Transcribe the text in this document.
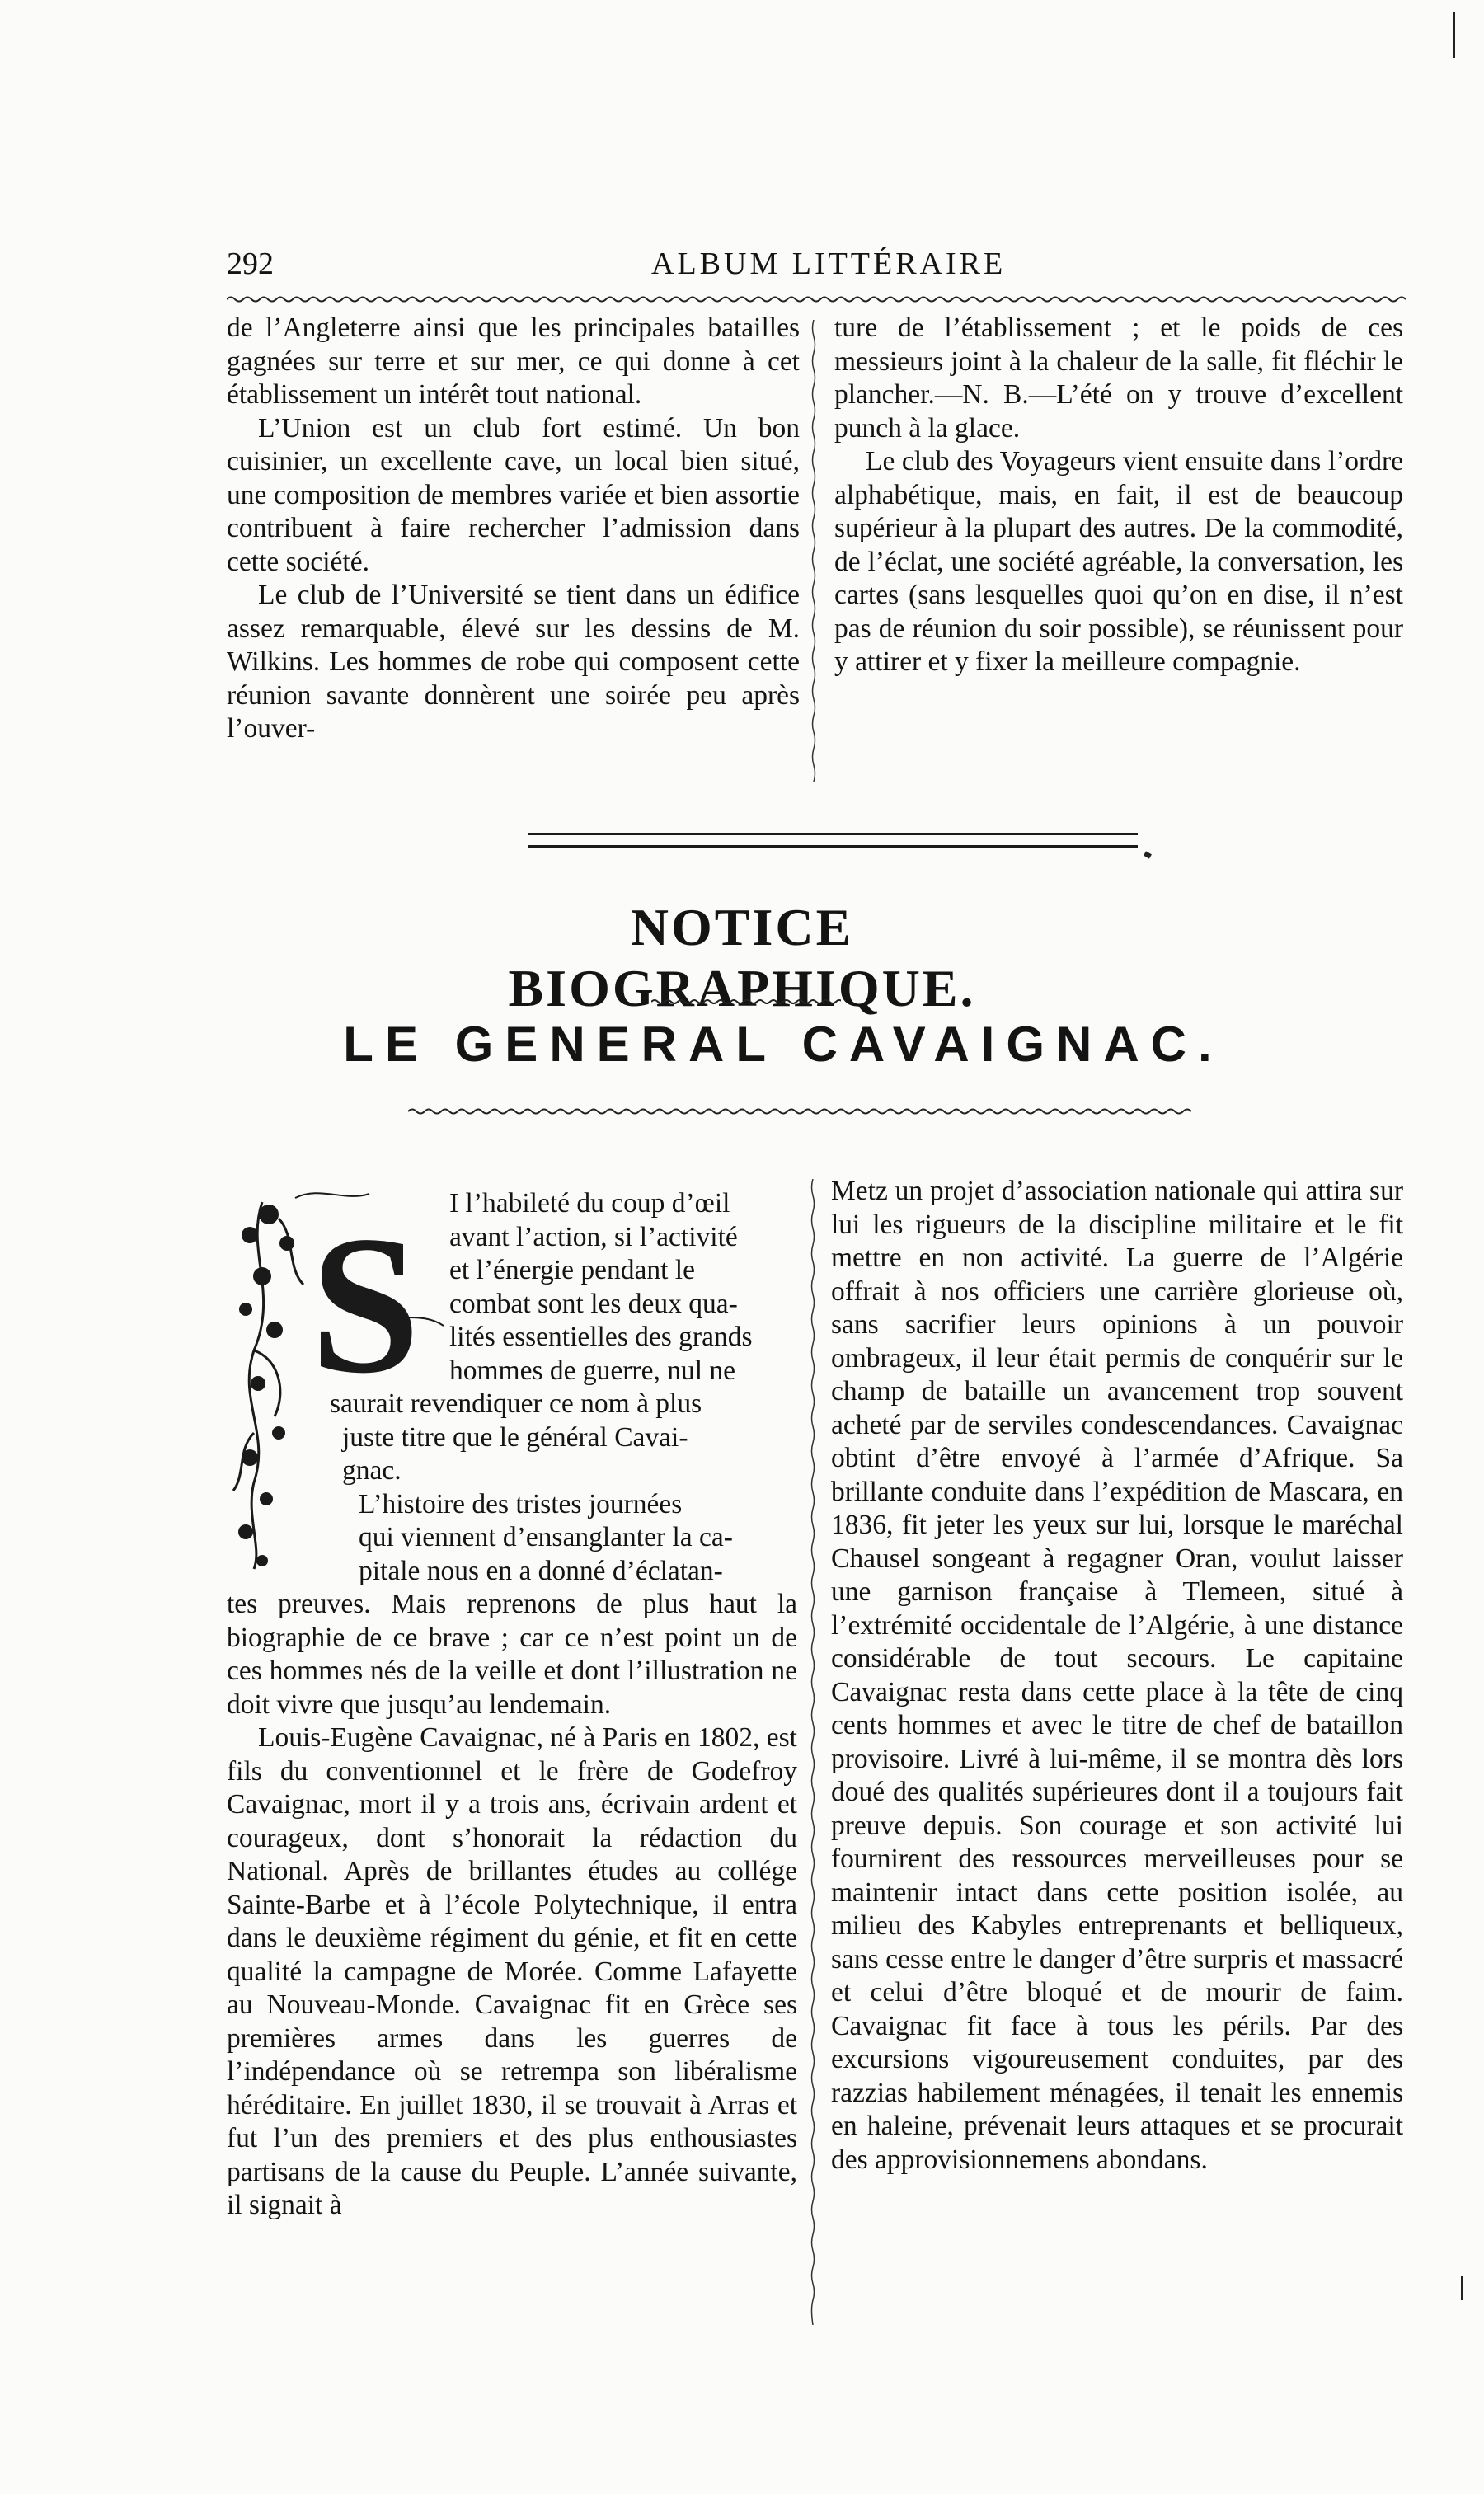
292	ALBUM LITTÉRAIRE

de l’Angleterre ainsi que les principales batailles gagnées sur terre et sur mer, ce qui donne à cet établissement un intérêt tout national.

L’Union est un club fort estimé. Un bon cuisinier, un excellente cave, un local bien situé, une composition de membres variée et bien assortie contribuent à faire rechercher l’admission dans cette société.

Le club de l’Université se tient dans un édifice assez remarquable, élevé sur les dessins de M. Wilkins. Les hommes de robe qui composent cette réunion savante donnèrent une soirée peu après l’ouver-

ture de l’établissement ; et le poids de ces messieurs joint à la chaleur de la salle, fit fléchir le plancher.—N. B.—L’été on y trouve d’excellent punch à la glace.

Le club des Voyageurs vient ensuite dans l’ordre alphabétique, mais, en fait, il est de beaucoup supérieur à la plupart des autres. De la commodité, de l’éclat, une société agréable, la conversation, les cartes (sans lesquelles quoi qu’on en dise, il n’est pas de réunion du soir possible), se réunissent pour y attirer et y fixer la meilleure compagnie.

NOTICE BIOGRAPHIQUE.
LE GENERAL CAVAIGNAC.
S I l’habileté du coup d’œil
avant l’action, si l’activité
et l’énergie pendant le
combat sont les deux qua-
lités essentielles des grands
hommes de guerre, nul ne
saurait revendiquer ce nom à plus
juste titre que le général Cavai-
gnac.
L’histoire des tristes journées
qui viennent d’ensanglanter la ca-
pitale nous en a donné d’éclatan-

tes preuves. Mais reprenons de plus haut la biographie de ce brave ; car ce n’est point un de ces hommes nés de la veille et dont l’illustration ne doit vivre que jusqu’au lendemain.

Louis-Eugène Cavaignac, né à Paris en 1802, est fils du conventionnel et le frère de Godefroy Cavaignac, mort il y a trois ans, écrivain ardent et courageux, dont s’honorait la rédaction du National. Après de brillantes études au collége Sainte-Barbe et à l’école Polytechnique, il entra dans le deuxième régiment du génie, et fit en cette qualité la campagne de Morée. Comme Lafayette au Nouveau-Monde. Cavaignac fit en Grèce ses premières armes dans les guerres de l’indépendance où se retrempa son libéralisme héréditaire. En juillet 1830, il se trouvait à Arras et fut l’un des premiers et des plus enthousiastes partisans de la cause du Peuple. L’année suivante, il signait à

Metz un projet d’association nationale qui attira sur lui les rigueurs de la discipline militaire et le fit mettre en non activité. La guerre de l’Algérie offrait à nos officiers une carrière glorieuse où, sans sacrifier leurs opinions à un pouvoir ombrageux, il leur était permis de conquérir sur le champ de bataille un avancement trop souvent acheté par de serviles condescendances. Cavaignac obtint d’être envoyé à l’armée d’Afrique. Sa brillante conduite dans l’expédition de Mascara, en 1836, fit jeter les yeux sur lui, lorsque le maréchal Chausel songeant à regagner Oran, voulut laisser une garnison française à Tlemeen, situé à l’extrémité occidentale de l’Algérie, à une distance considérable de tout secours. Le capitaine Cavaignac resta dans cette place à la tête de cinq cents hommes et avec le titre de chef de bataillon provisoire. Livré à lui-même, il se montra dès lors doué des qualités supérieures dont il a toujours fait preuve depuis. Son courage et son activité lui fournirent des ressources merveilleuses pour se maintenir intact dans cette position isolée, au milieu des Kabyles entreprenants et belliqueux, sans cesse entre le danger d’être surpris et massacré et celui d’être bloqué et de mourir de faim. Cavaignac fit face à tous les périls. Par des excursions vigoureusement conduites, par des razzias habilement ménagées, il tenait les ennemis en haleine, prévenait leurs attaques et se procurait des approvisionnemens abondans.
